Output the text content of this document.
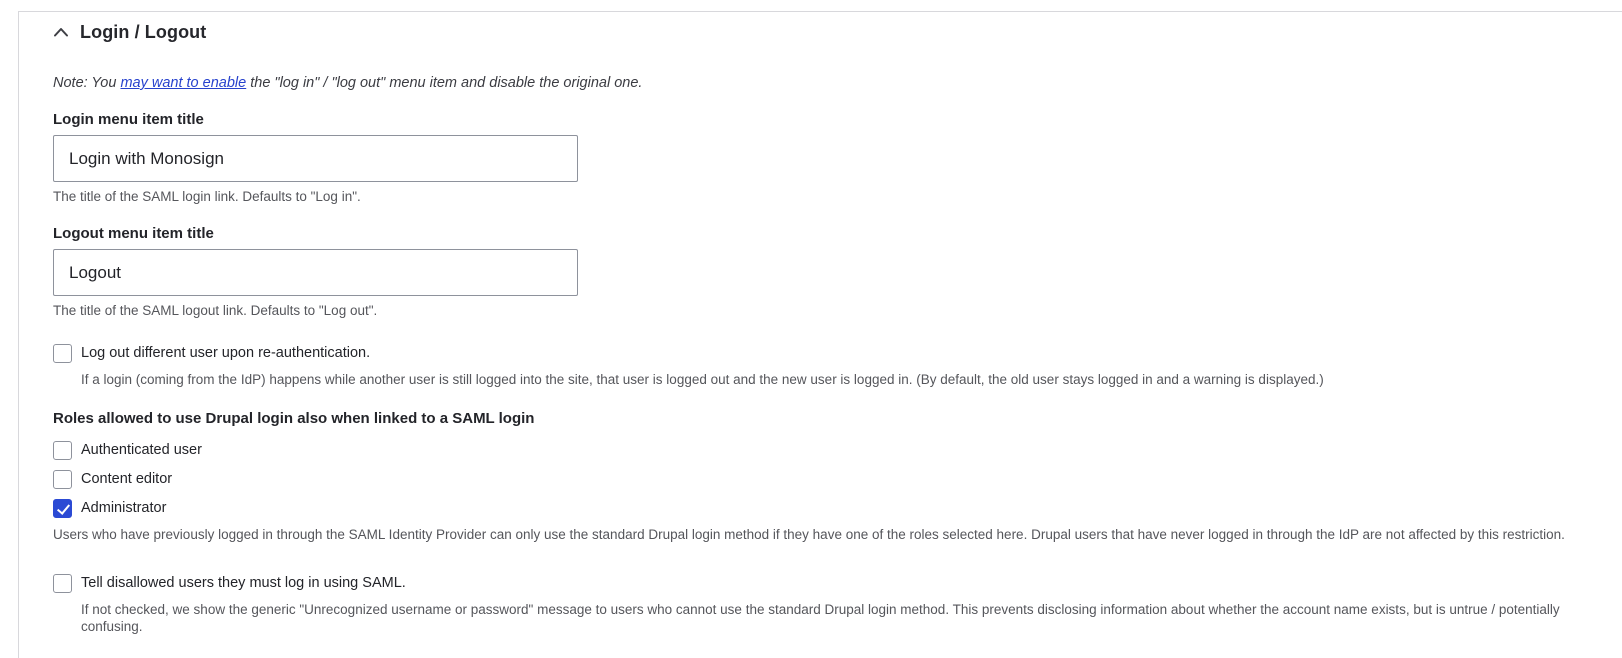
Login / Logout

Note: You may want to enable the "log in" / "log out" menu item and disable the original one.

Login menu item title
Login with Monosign
The title of the SAML login link. Defaults to "Log in".
Logout menu item title
Logout
The title of the SAML logout link. Defaults to "Log out".
Log out different user upon re-authentication.
If a login (coming from the IdP) happens while another user is still logged into the site, that user is logged out and the new user is logged in. (By default, the old user stays logged in and a warning is displayed.)
Roles allowed to use Drupal login also when linked to a SAML login
Authenticated user
Content editor
Administrator
Users who have previously logged in through the SAML Identity Provider can only use the standard Drupal login method if they have one of the roles selected here. Drupal users that have never logged in through the IdP are not affected by this restriction.
Tell disallowed users they must log in using SAML.
If not checked, we show the generic "Unrecognized username or password" message to users who cannot use the standard Drupal login method. This prevents disclosing information about whether the account name exists, but is untrue / potentially confusing.
